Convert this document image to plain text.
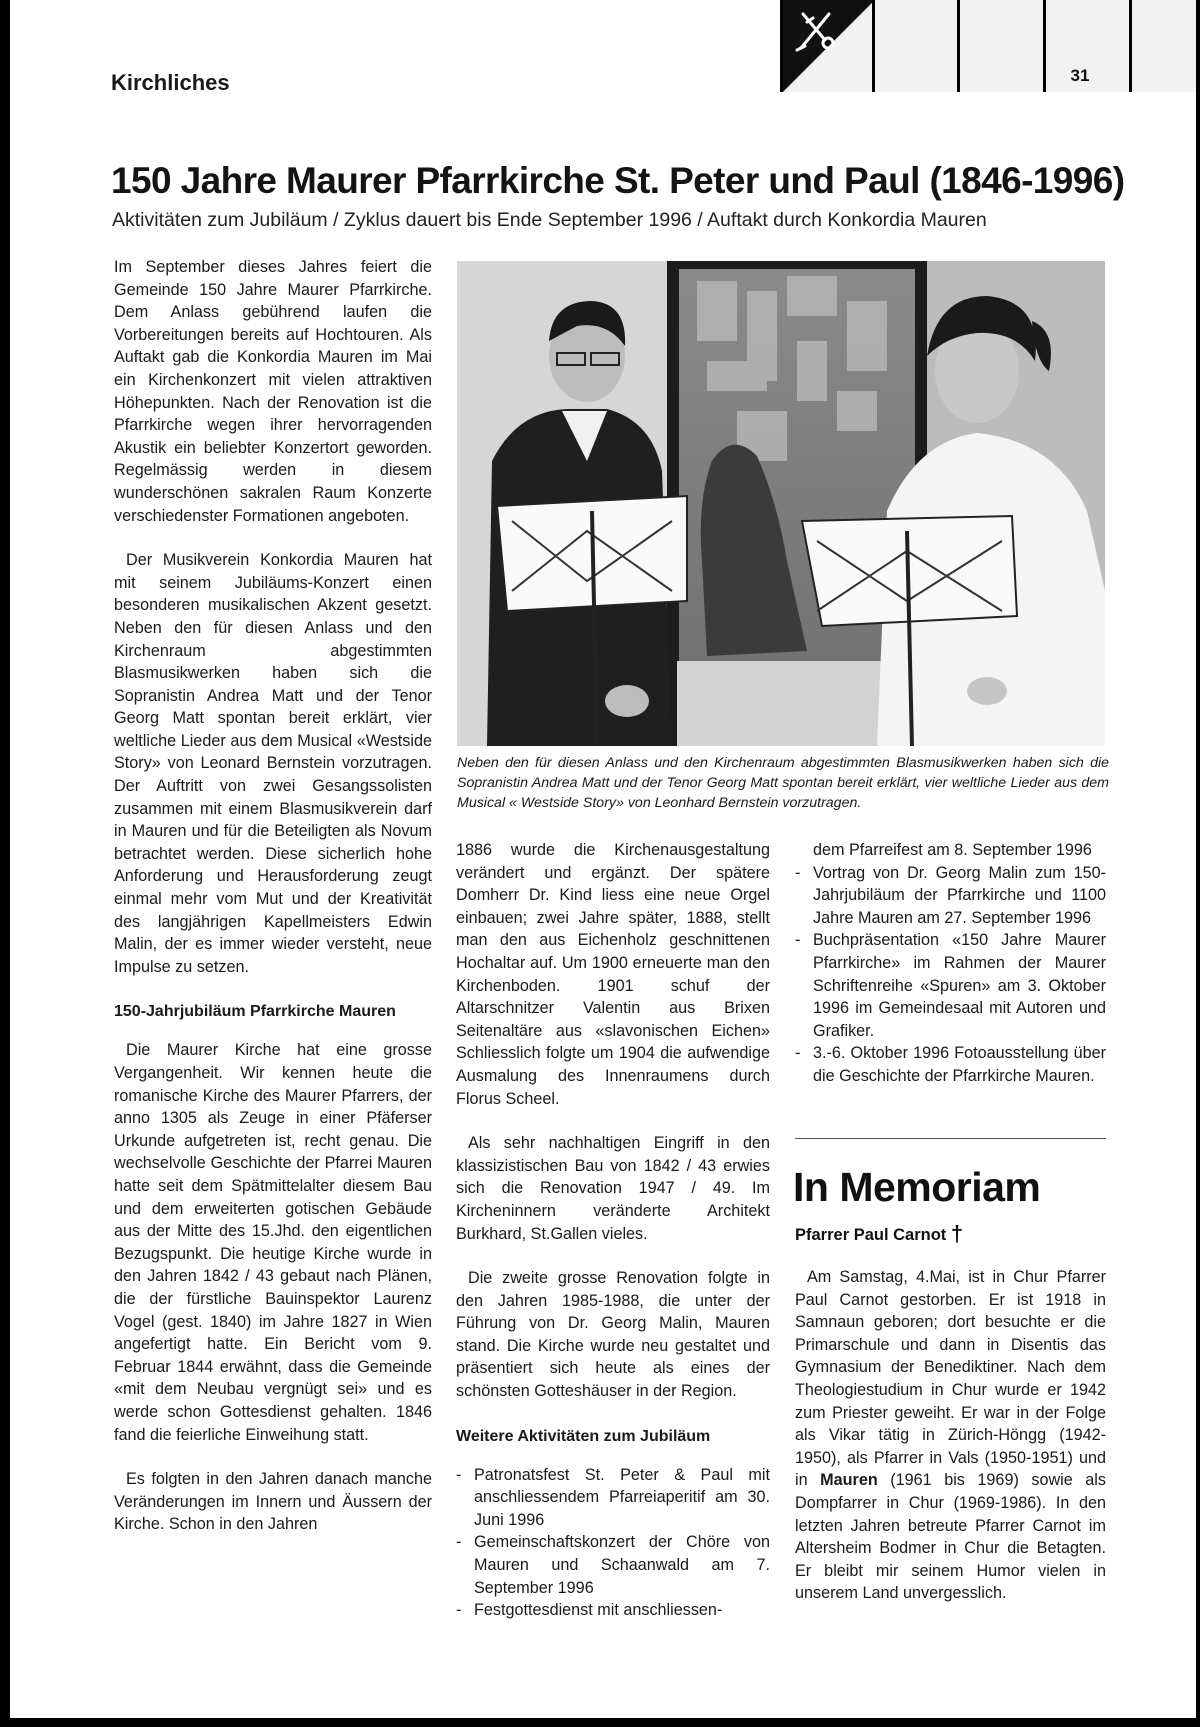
Kirchliches	31
150 Jahre Maurer Pfarrkirche St. Peter und Paul (1846-1996)
Aktivitäten zum Jubiläum / Zyklus dauert bis Ende September 1996 / Auftakt durch Konkordia Mauren

Im September dieses Jahres feiert die Gemeinde 150 Jahre Maurer Pfarrkirche. Dem Anlass gebührend laufen die Vorbereitungen bereits auf Hochtouren. Als Auftakt gab die Konkordia Mauren im Mai ein Kirchenkonzert mit vielen attraktiven Höhepunkten. Nach der Renovation ist die Pfarrkirche wegen ihrer hervorragenden Akustik ein beliebter Konzertort geworden. Regelmässig werden in diesem wunderschönen sakralen Raum Konzerte verschiedenster Formationen angeboten.

Der Musikverein Konkordia Mauren hat mit seinem Jubiläums-Konzert einen besonderen musikalischen Akzent gesetzt. Neben den für diesen Anlass und den Kirchenraum abgestimmten Blasmusikwerken haben sich die Sopranistin Andrea Matt und der Tenor Georg Matt spontan bereit erklärt, vier weltliche Lieder aus dem Musical «Westside Story» von Leonard Bernstein vorzutragen. Der Auftritt von zwei Gesangssolisten zusammen mit einem Blasmusikverein darf in Mauren und für die Beteiligten als Novum betrachtet werden. Diese sicherlich hohe Anforderung und Herausforderung zeugt einmal mehr vom Mut und der Kreativität des langjährigen Kapellmeisters Edwin Malin, der es immer wieder versteht, neue Impulse zu setzen.

150-Jahrjubiläum Pfarrkirche Mauren

Die Maurer Kirche hat eine grosse Vergangenheit. Wir kennen heute die romanische Kirche des Maurer Pfarrers, der anno 1305 als Zeuge in einer Pfäferser Urkunde aufgetreten ist, recht genau. Die wechselvolle Geschichte der Pfarrei Mauren hatte seit dem Spätmittelalter diesem Bau und dem erweiterten gotischen Gebäude aus der Mitte des 15.Jhd. den eigentlichen Bezugspunkt. Die heutige Kirche wurde in den Jahren 1842 / 43 gebaut nach Plänen, die der fürstliche Bauinspektor Laurenz Vogel (gest. 1840) im Jahre 1827 in Wien angefertigt hatte. Ein Bericht vom 9. Februar 1844 erwähnt, dass die Gemeinde «mit dem Neubau vergnügt sei» und es werde schon Gottesdienst gehalten. 1846 fand die feierliche Einweihung statt.

Es folgten in den Jahren danach manche Veränderungen im Innern und Äussern der Kirche. Schon in den Jahren

Neben den für diesen Anlass und den Kirchenraum abgestimmten Blasmusikwerken haben sich die Sopranistin Andrea Matt und der Tenor Georg Matt spontan bereit erklärt, vier weltliche Lieder aus dem Musical « Westside Story» von Leonhard Bernstein vorzutragen.

1886 wurde die Kirchenausgestaltung verändert und ergänzt. Der spätere Domherr Dr. Kind liess eine neue Orgel einbauen; zwei Jahre später, 1888, stellt man den aus Eichenholz geschnittenen Hochaltar auf. Um 1900 erneuerte man den Kirchenboden. 1901 schuf der Altarschnitzer Valentin aus Brixen Seitenaltäre aus «slavonischen Eichen» Schliesslich folgte um 1904 die aufwendige Ausmalung des Innenraumens durch Florus Scheel.

Als sehr nachhaltigen Eingriff in den klassizistischen Bau von 1842 / 43 erwies sich die Renovation 1947 / 49. Im Kircheninnern veränderte Architekt Burkhard, St.Gallen vieles.

Die zweite grosse Renovation folgte in den Jahren 1985-1988, die unter der Führung von Dr. Georg Malin, Mauren stand. Die Kirche wurde neu gestaltet und präsentiert sich heute als eines der schönsten Gotteshäuser in der Region.

Weitere Aktivitäten zum Jubiläum
- Patronatsfest St. Peter & Paul mit anschliessendem Pfarreiaperitif am 30. Juni 1996
- Gemeinschaftskonzert der Chöre von Mauren und Schaanwald am 7. September 1996
- Festgottesdienst mit anschliessen-
dem Pfarreifest am 8. September 1996
- Vortrag von Dr. Georg Malin zum 150-Jahrjubiläum der Pfarrkirche und 1100 Jahre Mauren am 27. September 1996
- Buchpräsentation «150 Jahre Maurer Pfarrkirche» im Rahmen der Maurer Schriftenreihe «Spuren» am 3. Oktober 1996 im Gemeindesaal mit Autoren und Grafiker.
- 3.-6. Oktober 1996 Fotoausstellung über die Geschichte der Pfarrkirche Mauren.
In Memoriam
Pfarrer Paul Carnot †

Am Samstag, 4.Mai, ist in Chur Pfarrer Paul Carnot gestorben. Er ist 1918 in Samnaun geboren; dort besuchte er die Primarschule und dann in Disentis das Gymnasium der Benediktiner. Nach dem Theologiestudium in Chur wurde er 1942 zum Priester geweiht. Er war in der Folge als Vikar tätig in Zürich-Höngg (1942-1950), als Pfarrer in Vals (1950-1951) und in Mauren (1961 bis 1969) sowie als Dompfarrer in Chur (1969-1986). In den letzten Jahren betreute Pfarrer Carnot im Altersheim Bodmer in Chur die Betagten. Er bleibt mir seinem Humor vielen in unserem Land unvergesslich.
